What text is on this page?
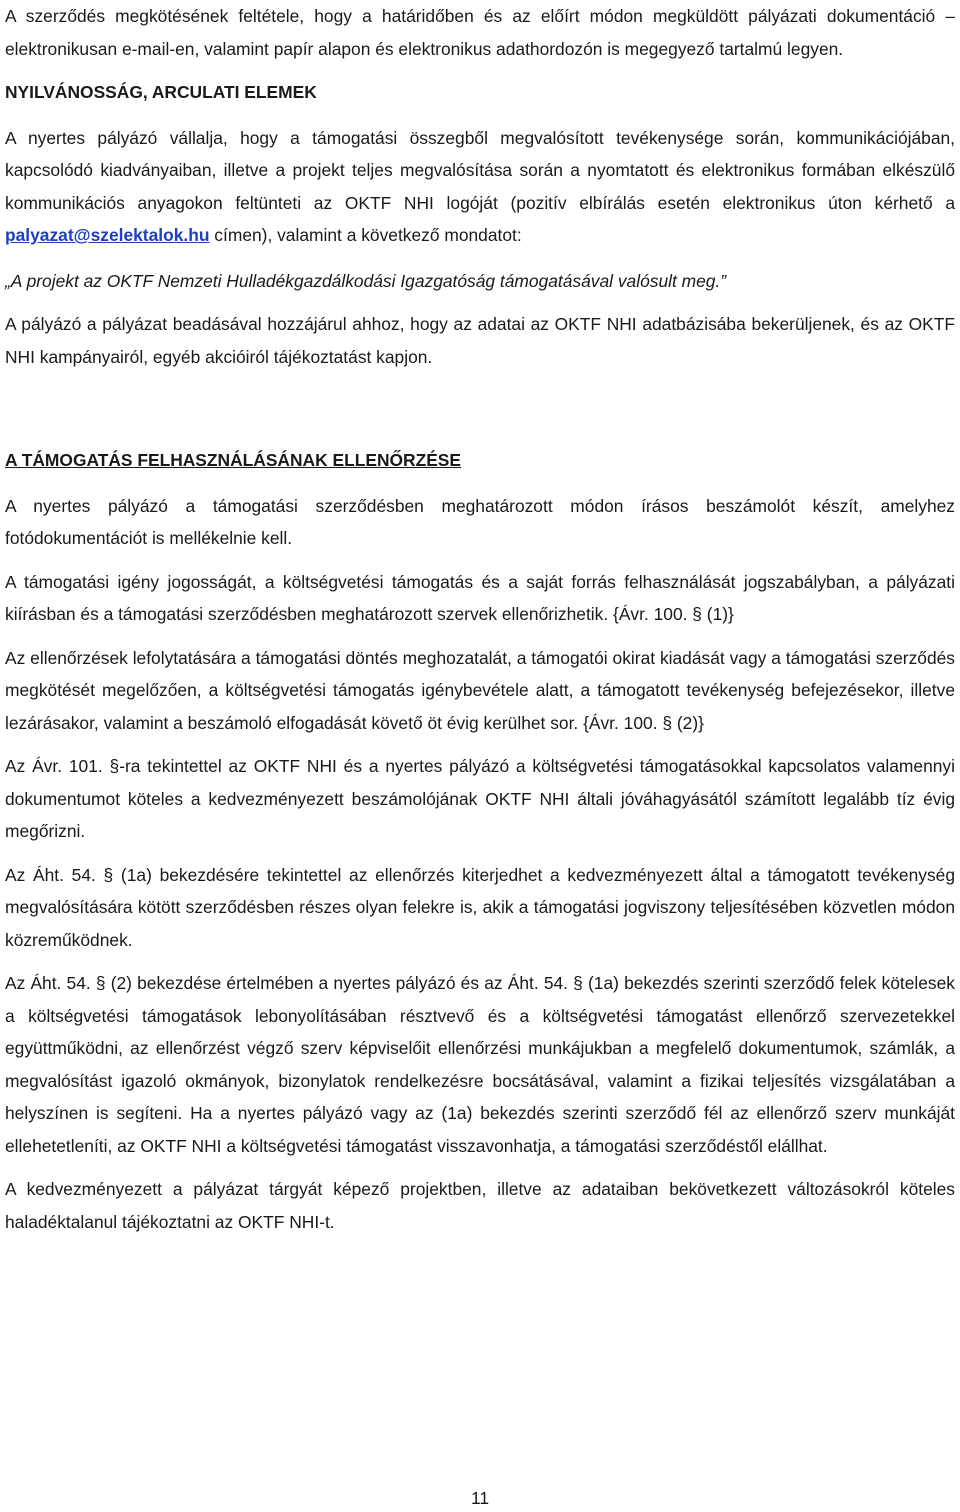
A szerződés megkötésének feltétele, hogy a határidőben és az előírt módon megküldött pályázati dokumentáció – elektronikusan e-mail-en, valamint papír alapon és elektronikus adathordozón is megegyező tartalmú legyen.

NYILVÁNOSSÁG, ARCULATI ELEMEK

A nyertes pályázó vállalja, hogy a támogatási összegből megvalósított tevékenysége során, kommunikációjában, kapcsolódó kiadványaiban, illetve a projekt teljes megvalósítása során a nyomtatott és elektronikus formában elkészülő kommunikációs anyagokon feltünteti az OKTF NHI logóját (pozitív elbírálás esetén elektronikus úton kérhető a palyazat@szelektalok.hu címen), valamint a következő mondatot:

„A projekt az OKTF Nemzeti Hulladékgazdálkodási Igazgatóság támogatásával valósult meg.”

A pályázó a pályázat beadásával hozzájárul ahhoz, hogy az adatai az OKTF NHI adatbázisába bekerüljenek, és az OKTF NHI kampányairól, egyéb akcióiról tájékoztatást kapjon.

A TÁMOGATÁS FELHASZNÁLÁSÁNAK ELLENŐRZÉSE

A nyertes pályázó a támogatási szerződésben meghatározott módon írásos beszámolót készít, amelyhez fotódokumentációt is mellékelnie kell.

A támogatási igény jogosságát, a költségvetési támogatás és a saját forrás felhasználását jogszabályban, a pályázati kiírásban és a támogatási szerződésben meghatározott szervek ellenőrizhetik. {Ávr. 100. § (1)}

Az ellenőrzések lefolytatására a támogatási döntés meghozatalát, a támogatói okirat kiadását vagy a támogatási szerződés megkötését megelőzően, a költségvetési támogatás igénybevétele alatt, a támogatott tevékenység befejezésekor, illetve lezárásakor, valamint a beszámoló elfogadását követő öt évig kerülhet sor. {Ávr. 100. § (2)}

Az Ávr. 101. §-ra tekintettel az OKTF NHI és a nyertes pályázó a költségvetési támogatásokkal kapcsolatos valamennyi dokumentumot köteles a kedvezményezett beszámolójának OKTF NHI általi jóváhagyásától számított legalább tíz évig megőrizni.

Az Áht. 54. § (1a) bekezdésére tekintettel az ellenőrzés kiterjedhet a kedvezményezett által a támogatott tevékenység megvalósítására kötött szerződésben részes olyan felekre is, akik a támogatási jogviszony teljesítésében közvetlen módon közreműködnek.

Az Áht. 54. § (2) bekezdése értelmében a nyertes pályázó és az Áht. 54. § (1a) bekezdés szerinti szerződő felek kötelesek a költségvetési támogatások lebonyolításában résztvevő és a költségvetési támogatást ellenőrző szervezetekkel együttműködni, az ellenőrzést végző szerv képviselőit ellenőrzési munkájukban a megfelelő dokumentumok, számlák, a megvalósítást igazoló okmányok, bizonylatok rendelkezésre bocsátásával, valamint a fizikai teljesítés vizsgálatában a helyszínen is segíteni. Ha a nyertes pályázó vagy az (1a) bekezdés szerinti szerződő fél az ellenőrző szerv munkáját ellehetetleníti, az OKTF NHI a költségvetési támogatást visszavonhatja, a támogatási szerződéstől elállhat.

A kedvezményezett a pályázat tárgyát képező projektben, illetve az adataiban bekövetkezett változásokról köteles haladéktalanul tájékoztatni az OKTF NHI-t.

11
